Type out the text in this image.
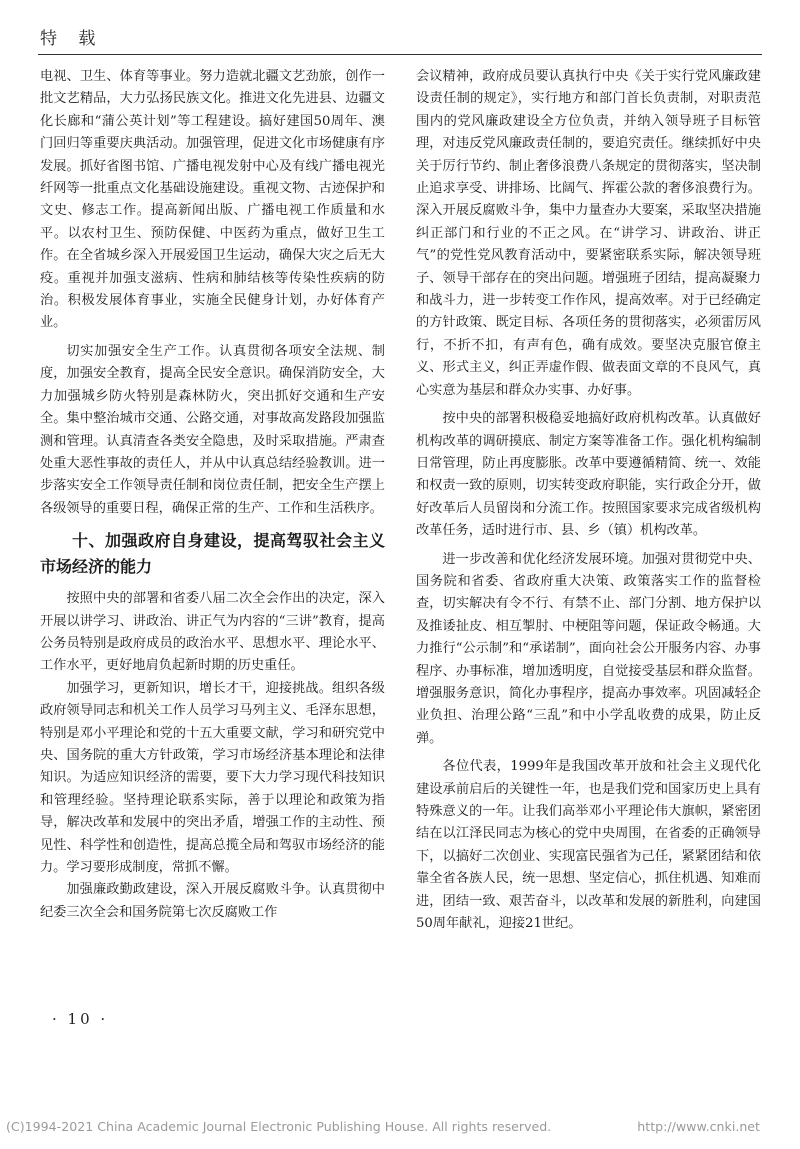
特 载

电视、卫生、体育等事业。努力造就北疆文艺劲旅，创作一批文艺精品，大力弘扬民族文化。推进文化先进县、边疆文化长廊和“蒲公英计划”等工程建设。搞好建国50周年、澳门回归等重要庆典活动。加强管理，促进文化市场健康有序发展。抓好省图书馆、广播电视发射中心及有线广播电视光纤网等一批重点文化基础设施建设。重视文物、古迹保护和文史、修志工作。提高新闻出版、广播电视工作质量和水平。以农村卫生、预防保健、中医药为重点，做好卫生工作。在全省城乡深入开展爱国卫生运动，确保大灾之后无大疫。重视并加强支滋病、性病和肺结核等传染性疾病的防治。积极发展体育事业，实施全民健身计划，办好体育产业。

切实加强安全生产工作。认真贯彻各项安全法规、制度，加强安全教育，提高全民安全意识。确保消防安全，大力加强城乡防火特别是森林防火，突出抓好交通和生产安全。集中整治城市交通、公路交通，对事故高发路段加强监测和管理。认真清查各类安全隐患，及时采取措施。严肃查处重大恶性事故的责任人，并从中认真总结经验教训。进一步落实安全工作领导责任制和岗位责任制，把安全生产摆上各级领导的重要日程，确保正常的生产、工作和生活秩序。

十、加强政府自身建设，提高驾驭社会主义市场经济的能力

按照中央的部署和省委八届二次全会作出的决定，深入开展以讲学习、讲政治、讲正气为内容的“三讲”教育，提高公务员特别是政府成员的政治水平、思想水平、理论水平、工作水平，更好地肩负起新时期的历史重任。

加强学习，更新知识，增长才干，迎接挑战。组织各级政府领导同志和机关工作人员学习马列主义、毛泽东思想，特别是邓小平理论和党的十五大重要文献，学习和研究党中央、国务院的重大方针政策，学习市场经济基本理论和法律知识。为适应知识经济的需要，要下大力学习现代科技知识和管理经验。坚持理论联系实际，善于以理论和政策为指导，解决改革和发展中的突出矛盾，增强工作的主动性、预见性、科学性和创造性，提高总揽全局和驾驭市场经济的能力。学习要形成制度，常抓不懈。

加强廉政勤政建设，深入开展反腐败斗争。认真贯彻中纪委三次全会和国务院第七次反腐败工作

会议精神，政府成员要认真执行中央《关于实行党风廉政建设责任制的规定》，实行地方和部门首长负责制，对职责范围内的党风廉政建设全方位负责，并纳入领导班子目标管理，对违反党风廉政责任制的，要追究责任。继续抓好中央关于厉行节约、制止奢侈浪费八条规定的贯彻落实，坚决制止追求享受、讲排场、比阔气、挥霍公款的奢侈浪费行为。深入开展反腐败斗争，集中力量查办大要案，采取坚决措施纠正部门和行业的不正之风。在“讲学习、讲政治、讲正气”的党性党风教育活动中，要紧密联系实际，解决领导班子、领导干部存在的突出问题。增强班子团结，提高凝聚力和战斗力，进一步转变工作作风，提高效率。对于已经确定的方针政策、既定目标、各项任务的贯彻落实，必须雷厉风行，不折不扣，有声有色，确有成效。要坚决克服官僚主义、形式主义，纠正弄虚作假、做表面文章的不良风气，真心实意为基层和群众办实事、办好事。

按中央的部署积极稳妥地搞好政府机构改革。认真做好机构改革的调研摸底、制定方案等准备工作。强化机构编制日常管理，防止再度膨胀。改革中要遵循精简、统一、效能和权责一致的原则，切实转变政府职能，实行政企分开，做好改革后人员留岗和分流工作。按照国家要求完成省级机构改革任务，适时进行市、县、乡（镇）机构改革。

进一步改善和优化经济发展环境。加强对贯彻党中央、国务院和省委、省政府重大决策、政策落实工作的监督检查，切实解决有令不行、有禁不止、部门分割、地方保护以及推诿扯皮、相互掣肘、中梗阻等问题，保证政令畅通。大力推行“公示制”和“承诺制”，面向社会公开服务内容、办事程序、办事标准，增加透明度，自觉接受基层和群众监督。增强服务意识，简化办事程序，提高办事效率。巩固减轻企业负担、治理公路“三乱”和中小学乱收费的成果，防止反弹。

各位代表，1999年是我国改革开放和社会主义现代化建设承前启后的关键性一年，也是我们党和国家历史上具有特殊意义的一年。让我们高举邓小平理论伟大旗帜，紧密团结在以江泽民同志为核心的党中央周围，在省委的正确领导下，以搞好二次创业、实现富民强省为己任，紧紧团结和依靠全省各族人民，统一思想、坚定信心，抓住机遇、知难而进，团结一致、艰苦奋斗，以改革和发展的新胜利，向建国50周年献礼，迎接21世纪。

· 10 ·
(C)1994-2021 China Academic Journal Electronic Publishing House. All rights reserved.	http://www.cnki.net
